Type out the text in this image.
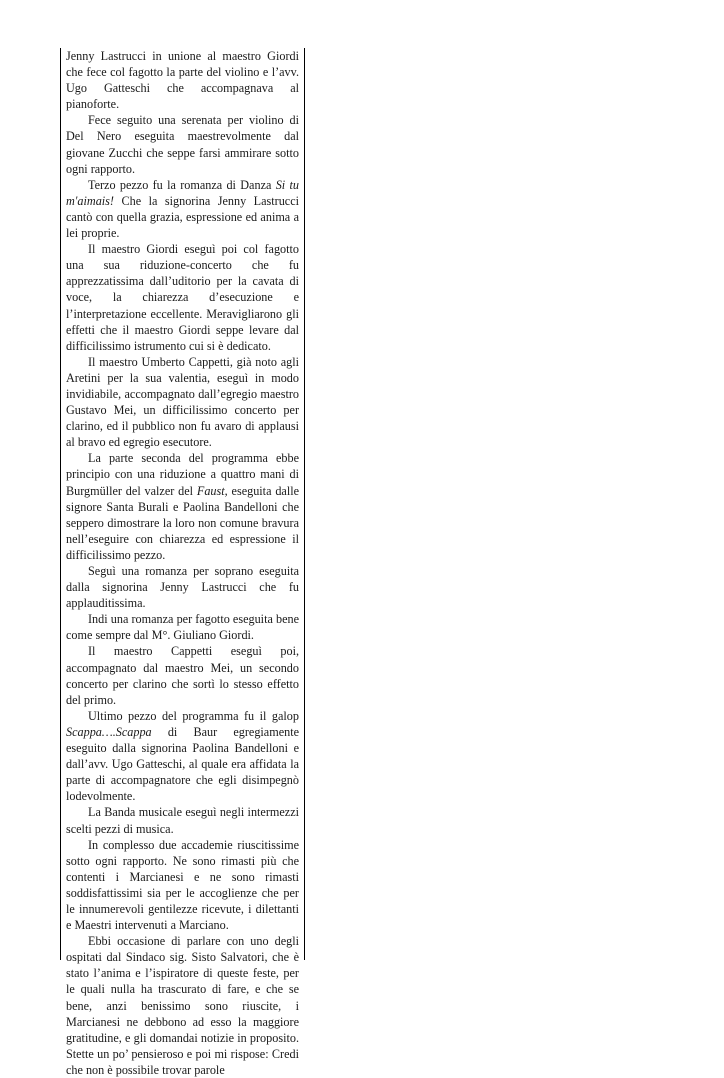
Jenny Lastrucci in unione al maestro Giordi che fece col fagotto la parte del violino e l’avv. Ugo Gatteschi che accompagnava al pianoforte.

Fece seguito una serenata per violino di Del Nero eseguita maestrevolmente dal giovane Zucchi che seppe farsi ammirare sotto ogni rapporto.

Terzo pezzo fu la romanza di Danza Si tu m'aimais! Che la signorina Jenny Lastrucci cantò con quella grazia, espressione ed anima a lei proprie.

Il maestro Giordi eseguì poi col fagotto una sua riduzione-concerto che fu apprezzatissima dall’uditorio per la cavata di voce, la chiarezza d’esecuzione e l’interpretazione eccellente. Meravigliarono gli effetti che il maestro Giordi seppe levare dal difficilissimo istrumento cui si è dedicato.

Il maestro Umberto Cappetti, già noto agli Aretini per la sua valentia, eseguì in modo invidiabile, accompagnato dall’egregio maestro Gustavo Mei, un difficilissimo concerto per clarino, ed il pubblico non fu avaro di applausi al bravo ed egregio esecutore.

La parte seconda del programma ebbe principio con una riduzione a quattro mani di Burgmüller del valzer del Faust, eseguita dalle signore Santa Burali e Paolina Bandelloni che seppero dimostrare la loro non comune bravura nell’eseguire con chiarezza ed espressione il difficilissimo pezzo.

Seguì una romanza per soprano eseguita dalla signorina Jenny Lastrucci che fu applauditissima.

Indi una romanza per fagotto eseguita bene come sempre dal M°. Giuliano Giordi.

Il maestro Cappetti eseguì poi, accompagnato dal maestro Mei, un secondo concerto per clarino che sortì lo stesso effetto del primo.

Ultimo pezzo del programma fu il galop Scappa….Scappa di Baur egregiamente eseguito dalla signorina Paolina Bandelloni e dall’avv. Ugo Gatteschi, al quale era affidata la parte di accompagnatore che egli disimpegnò lodevolmente.

La Banda musicale eseguì negli intermezzi scelti pezzi di musica.

In complesso due accademie riuscitissime sotto ogni rapporto. Ne sono rimasti più che contenti i Marcianesi e ne sono rimasti soddisfattissimi sia per le accoglienze che per le innumerevoli gentilezze ricevute, i dilettanti e Maestri intervenuti a Marciano.

Ebbi occasione di parlare con uno degli ospitati dal Sindaco sig. Sisto Salvatori, che è stato l’anima e l’ispiratore di queste feste, per le quali nulla ha trascurato di fare, e che se bene, anzi benissimo sono riuscite, i Marcianesi ne debbono ad esso la maggiore gratitudine, e gli domandai notizie in proposito. Stette un po’ pensieroso e poi mi rispose: Credi che non è possibile trovar parole
